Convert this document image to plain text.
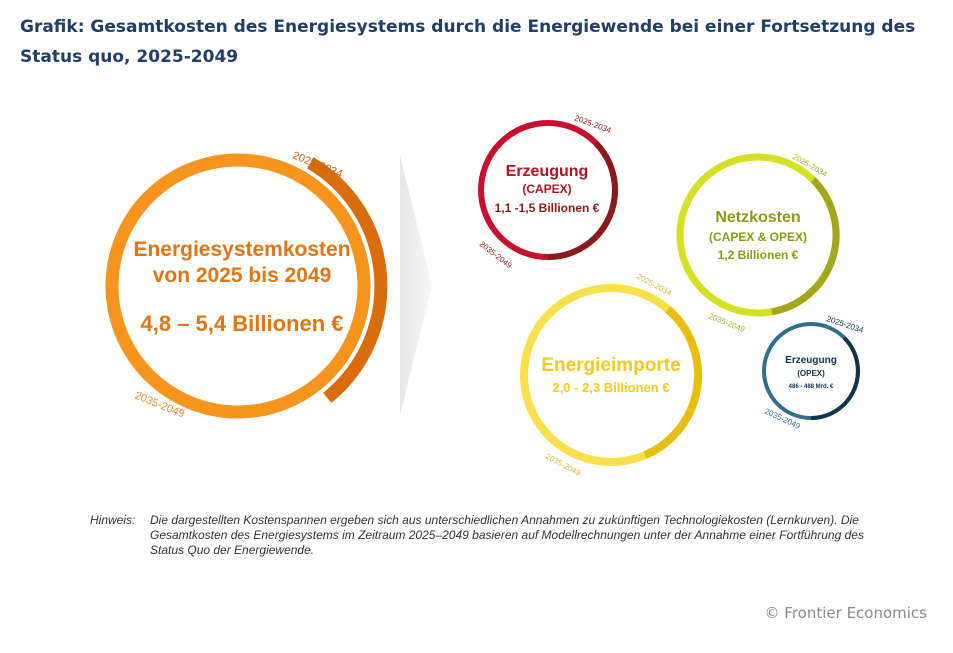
Grafik: Gesamtkosten des Energiesystems durch die Energiewende bei einer Fortsetzung des Status quo, 2025-2049
Energiesystemkosten
von 2025 bis 2049
4,8 – 5,4 Billionen €
2025-2034
2035-2049
Erzeugung
(CAPEX)
1,1 -1,5 Billionen €
2025-2034
2035-2049
Netzkosten
(CAPEX & OPEX)
1,2 Billionen €
2025-2034
2035-2049
Energieimporte
2,0 - 2,3 Billionen €
2025-2034
2035-2049
Erzeugung
(OPEX)
486 - 488 Mrd. €
2025-2034
2035-2049
Hinweis:	Die dargestellten Kostenspannen ergeben sich aus unterschiedlichen Annahmen zu zukünftigen Technologiekosten (Lernkurven). Die Gesamtkosten des Energiesystems im Zeitraum 2025–2049 basieren auf Modellrechnungen unter der Annahme einer Fortführung des Status Quo der Energiewende.
© Frontier Economics
